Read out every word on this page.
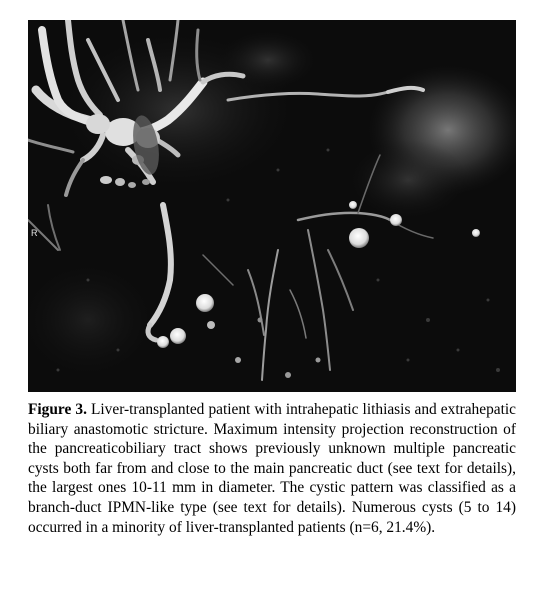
R

Figure 3. Liver-transplanted patient with intrahepatic lithiasis and extrahepatic biliary anastomotic stricture. Maximum intensity projection reconstruction of the pancreaticobiliary tract shows previously unknown multiple pancreatic cysts both far from and close to the main pancreatic duct (see text for details), the largest ones 10-11 mm in diameter. The cystic pattern was classified as a branch-duct IPMN-like type (see text for details). Numerous cysts (5 to 14) occurred in a minority of liver-transplanted patients (n=6, 21.4%).
